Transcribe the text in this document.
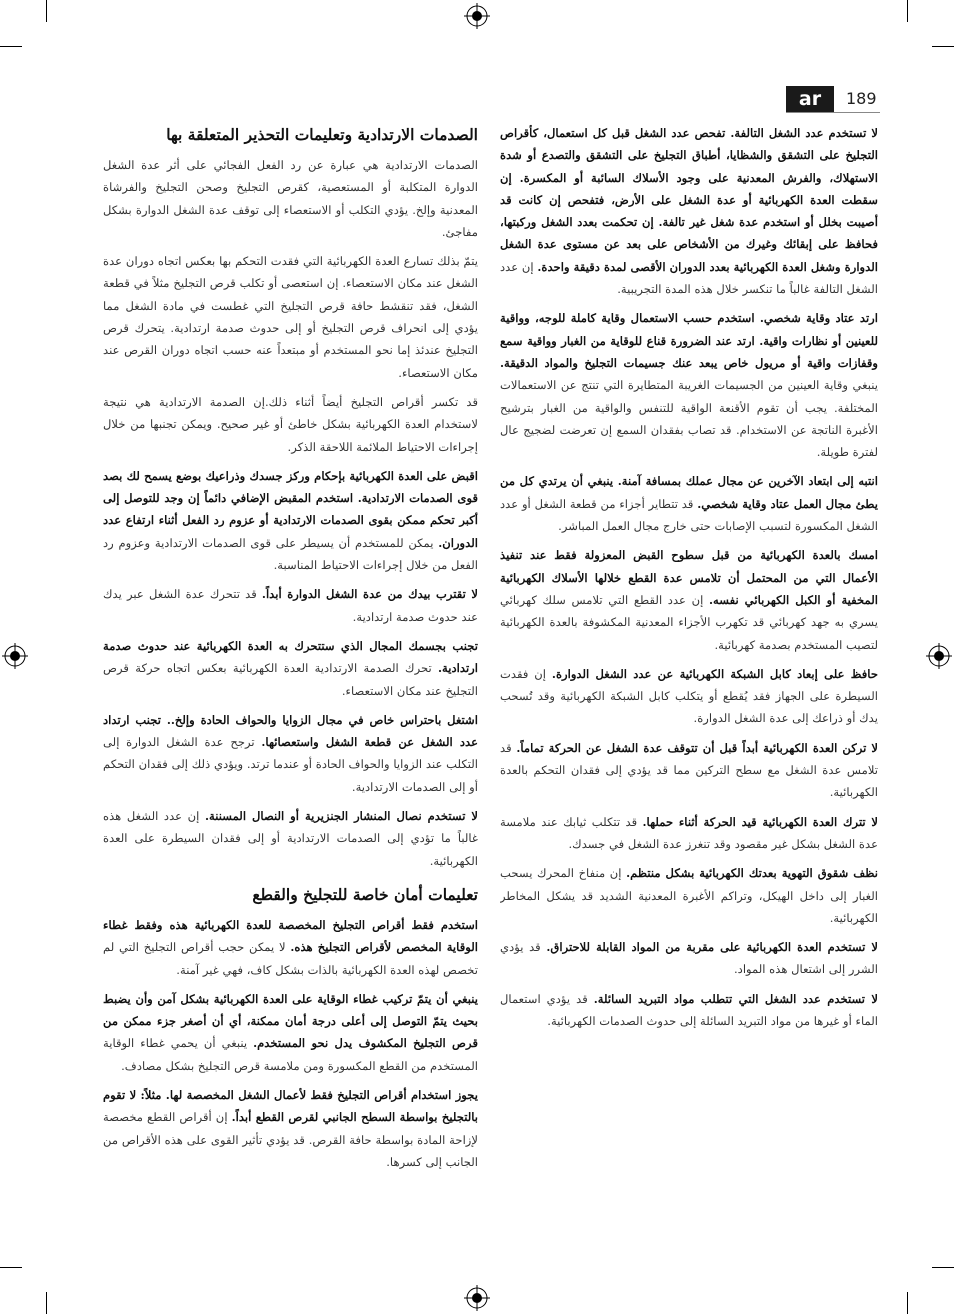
ar	189

لا تستخدم عدد الشغل التالفة. تفحص عدد الشغل قبل كل استعمال، كأقراص التجليخ على التشقق والشظايا، أطباق التجليخ على التشقق والتصدع أو شدة الاستهلاك، والفرش المعدنية على وجود الأسلاك السائبة أو المكسرة. إن سقطت العدة الكهربائية أو عدة الشغل على الأرض، فتفحص إن كانت قد أصيبت بخلل أو استخدم عدة شغل غير تالفة. إن تحكمت بعدد الشغل وركبتها، فحافظ على إبقائك وغيرك من الأشخاص على بعد عن مستوى عدة الشغل الدوارة وشغل العدة الكهربائية بعدد الدوران الأقصى لمدة دقيقة واحدة. إن عدد الشغل التالفة غالباً ما تنكسر خلال هذه المدة التجريبية.

ارتد عتاد وقاية شخصي. استخدم حسب الاستعمال وقاية كاملة للوجه، وواقية للعينين أو نظارات واقية. ارتد عند الضرورة قناع للوقاية من الغبار وواقية سمع وقفازات واقية أو مريول خاص يبعد عنك جسيمات التجليخ والمواد الدقيقة. ينبغي وقاية العينين من الجسيمات الغريبة المتطايرة التي تنتج عن الاستعمالات المختلفة. يجب أن تقوم الأقنعة الواقية للتنفس والواقية من الغبار بترشيح الأغبرة الناتجة عن الاستخدام. قد تصاب بفقدان السمع إن تعرضت لضجيج عال لفترة طويلة.

انتبه إلى ابتعاد الآخرين عن مجال عملك بمسافة آمنة. ينبغي أن يرتدي كل من يطئ مجال العمل عتاد وقاية شخصي. قد تتطاير أجزاء من قطعة الشغل أو عدد الشغل المكسورة لتسبب الإصابات حتى خارج مجال العمل المباشر.

امسك بالعدة الكهربائية من قبل سطوح القبض المعزولة فقط عند تنفيذ الأعمال التي من المحتمل أن تلامس عدة القطع خلالها الأسلاك الكهربائية المخفية أو الكبل الكهربائي نفسه. إن عدد القطع التي تلامس سلك كهربائي يسري به جهد كهربائي قد تكهرب الأجزاء المعدنية المكشوفة بالعدة الكهربائية لتصيب المستخدم بصدمة كهربائية.

حافظ على إبعاد كابل الشبكة الكهربائية عن عدد الشغل الدوارة. إن فقدت السيطرة على الجهاز فقد يُقطع أو يتكلب كابل الشبكة الكهربائية وقد تُسحب يدك أو ذراعك إلى عدة الشغل الدوارة.

لا تركن العدة الكهربائية أبداً قبل أن تتوقف عدة الشغل عن الحركة تماماً. قد تلامس عدة الشغل مع سطح التركين مما قد يؤدي إلى فقدان التحكم بالعدة الكهربائية.

لا تترك العدة الكهربائية قيد الحركة أثناء حملها. قد تتكلب ثيابك عند ملامسة عدة الشغل بشكل غير مقصود وقد تنغرز عدة الشغل في جسدك.

نظف شقوق التهوية بعدتك الكهربائية بشكل منتظم. إن منفاخ المحرك يسحب الغبار إلى داخل الهيكل، وتراكم الأغبرة المعدنية الشديد قد يشكل المخاطر الكهربائية.

لا تستخدم العدة الكهربائية على مقربة من المواد القابلة للاحتراق. قد يؤدي الشرر إلى اشتعال هذه المواد.

لا تستخدم عدد الشغل التي تتطلب مواد التبريد السائلة. قد يؤدي استعمال الماء أو غيرها من مواد التبريد السائلة إلى حدوث الصدمات الكهربائية.

الصدمات الارتدادية وتعليمات التحذير المتعلقة بها

الصدمات الارتدادية هي عبارة عن رد الفعل الفجائي على أثر عدة الشغل الدوارة المتكلبة أو المستعصية، كقرص التجليخ وصحن التجليخ والفرشاة المعدنية وإلخ. يؤدي التكلب أو الاستعصاء إلى توقف عدة الشغل الدوارة بشكل مفاجئ.

يتمّ بذلك تسارع العدة الكهربائية التي فقدت التحكم بها بعكس اتجاه دوران عدة الشغل عند مكان الاستعصاء. إن استعصى أو تكلب قرص التجليخ مثلاً في قطعة الشغل، فقد تنقشط حافة قرص التجليخ التي غطست في مادة الشغل مما يؤدي إلى انحراف قرص التجليخ أو إلى حدوث صدمة ارتدادية. يتحرك قرص التجليخ عندئذ إما نحو المستخدم أو مبتعداً عنه حسب اتجاه دوران القرص عند مكان الاستعصاء.

قد تكسر أقراص التجليخ أيضاً أثناء ذلك.إن الصدمة الارتدادية هي نتيجة لاستخدام العدة الكهربائية بشكل خاطئ أو غير صحيح. ويمكن تجنبها من خلال إجراءات الاحتياط الملائمة اللاحقة الذكر.

اقبض على العدة الكهربائية بإحكام وركز جسدك وذراعيك بوضع يسمح لك بصد قوى الصدمات الارتدادية. استخدم المقبض الإضافي دائماً إن وجد للتوصل إلى أكبر تحكم ممكن بقوى الصدمات الارتدادية أو عزوم رد الفعل أثناء ارتفاع عدد الدوران. يمكن للمستخدم أن يسيطر على قوى الصدمات الارتدادية وعزوم رد الفعل من خلال إجراءات الاحتياط المناسبة.

لا تقترب بيدك من عدة الشغل الدوارة أبداً. قد تتحرك عدة الشغل عبر يدك عند حدوث صدمة ارتدادية.

تجنب بجسمك المجال الذي ستتحرك به العدة الكهربائية عند حدوث صدمة ارتدادية. تحرك الصدمة الارتدادية العدة الكهربائية بعكس اتجاه حركة قرص التجليخ عند مكان الاستعصاء.

اشتغل باحتراس خاص في مجال الزوايا والحواف الحادة وإلخ.. تجنب ارتداد عدد الشغل عن قطعة الشغل واستعصائها. ترجح عدة الشغل الدوارة إلى التكلب عند الزوايا والحواف الحادة أو عندما ترتد. ويؤدي ذلك إلى فقدان التحكم أو إلى الصدمات الارتدادية.

لا تستخدم نصال المنشار الجنزيرية أو النصال المسننة. إن عدد الشغل هذه غالباً ما تؤدي إلى الصدمات الارتدادية أو إلى فقدان السيطرة على العدة الكهربائية.

تعليمات أمان خاصة للتجليخ والقطع

استخدم فقط أقراص التجليخ المخصصة للعدة الكهربائية هذه وفقط غطاء الوقاية المخصص لأقراص التجليخ هذه. لا يمكن حجب أقراص التجليخ التي لم تخصص لهذه العدة الكهربائية بالذات بشكل كاف، فهي غير آمنة.

ينبغي أن يتمّ تركيب غطاء الوقاية على العدة الكهربائية بشكل آمن وأن يضبط بحيث يتمّ التوصل إلى أعلى درجة أمان ممكنة، أي أن أصغر جزء ممكن من قرص التجليخ المكشوف يدل نحو المستخدم. ينبغي أن يحمي غطاء الوقاية المستخدم من القطع المكسورة ومن ملامسة قرص التجليخ بشكل مصادف.

يجوز استخدام أقراص التجليخ فقط لأعمال الشغل المخصصة لها. مثلاً: لا تقوم بالتجليخ بواسطة السطح الجانبي لقرص القطع أبداً. إن أقراص القطع مخصصة لإزاحة المادة بواسطة حافة القرص. قد يؤدي تأثير القوى على هذه الأقراص من الجانب إلى كسرها.
